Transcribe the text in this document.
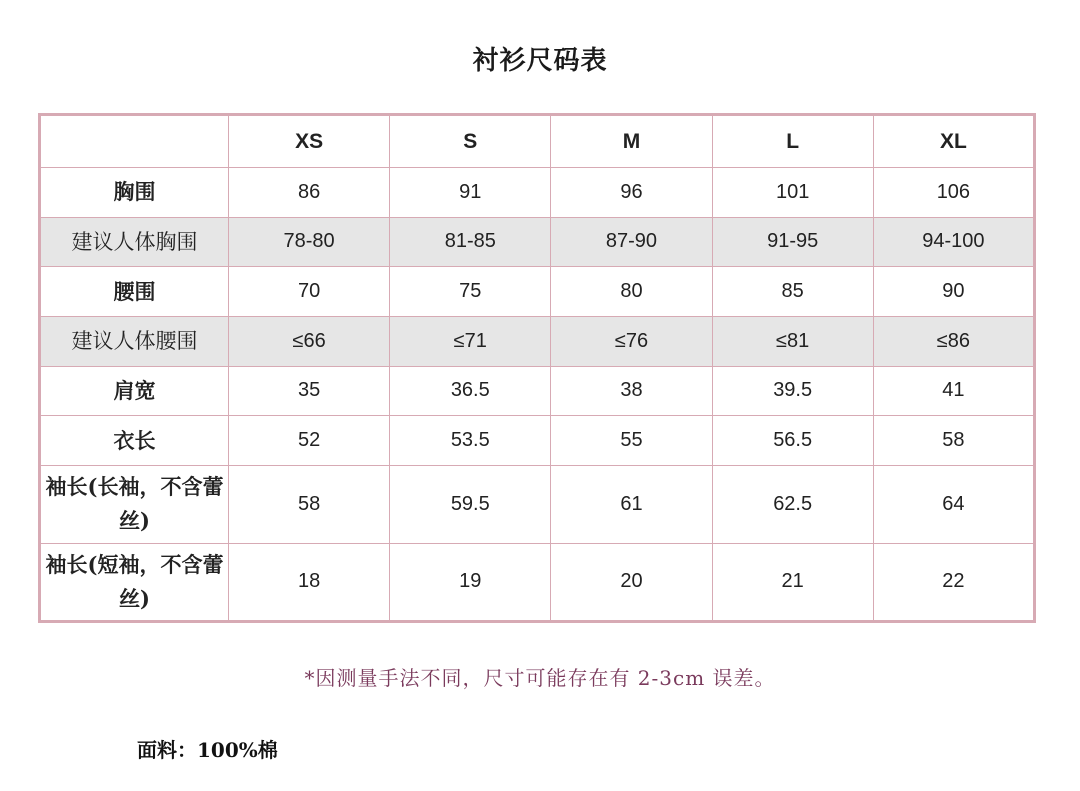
衬衫尺码表
	XS	S	M	L	XL
胸围	86	91	96	101	106
建议人体胸围	78-80	81-85	87-90	91-95	94-100
腰围	70	75	80	85	90
建议人体腰围	≤66	≤71	≤76	≤81	≤86
肩宽	35	36.5	38	39.5	41
衣长	52	53.5	55	56.5	58
袖长(长袖，不含蕾丝)	58	59.5	61	62.5	64
袖长(短袖，不含蕾丝)	18	19	20	21	22
*因测量手法不同，尺寸可能存在有 2-3cm 误差。
面料：100%棉
